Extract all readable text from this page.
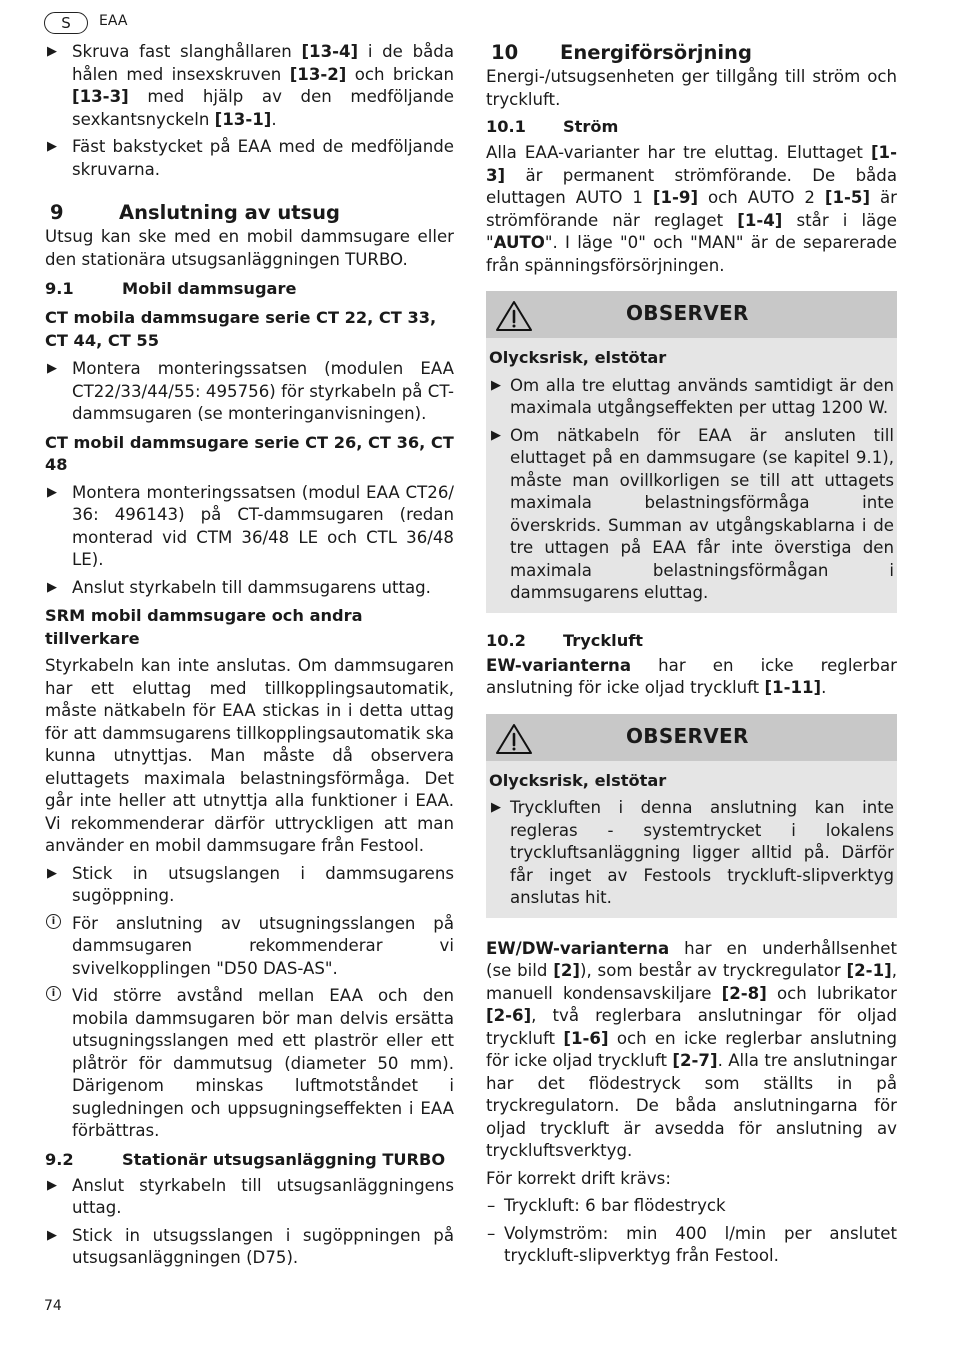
S	EAA
▶ Skruva fast slanghållaren [13-4] i de båda hålen med insexskruven [13-2] och brickan [13-3] med hjälp av den medföljande sexkantsnyckeln [13-1].
▶ Fäst bakstycket på EAA med de medföljande skruvarna.
9	Anslutning av utsug

Utsug kan ske med en mobil dammsugare eller den stationära utsugsanläggningen TURBO.

9.1	Mobil dammsugare
CT mobila dammsugare serie CT 22, CT 33, CT 44, CT 55
▶ Montera monteringssatsen (modulen EAA CT22/33/44/55: 495756) för styrkabeln på CT-dammsugaren (se monteringanvisningen).
CT mobil dammsugare serie CT 26, CT 36, CT 48
▶ Montera monteringssatsen (modul EAA CT26/ 36: 496143) på CT-dammsugaren (redan monterad vid CTM 36/48 LE och CTL 36/48 LE).
▶ Anslut styrkabeln till dammsugarens uttag.
SRM mobil dammsugare och andra tillverkare

Styrkabeln kan inte anslutas. Om dammsugaren har ett eluttag med tillkopplingsautomatik, måste nätkabeln för EAA stickas in i detta uttag för att dammsugarens tillkopplingsautomatik ska kunna utnyttjas. Man måste då observera eluttagets maximala belastningsförmåga. Det går inte heller att utnyttja alla funktioner i EAA. Vi rekommenderar därför uttryckligen att man använder en mobil dammsugare från Festool.

▶ Stick in utsugslangen i dammsugarens sugöppning.
i	För anslutning av utsugningsslangen på dammsugaren rekommenderar vi svivelkopplingen "D50 DAS-AS".
i	Vid större avstånd mellan EAA och den mobila dammsugaren bör man delvis ersätta utsugningsslangen med ett plaströr eller ett plåtrör för dammutsug (diameter 50 mm). Därigenom minskas luftmotståndet i sugledningen och uppsugningseffekten i EAA förbättras.
9.2	Stationär utsugsanläggning TURBO
▶ Anslut styrkabeln till utsugsanläggningens uttag.
▶ Stick in utsugsslangen i sugöppningen på utsugsanläggningen (D75).
10 Energiförsörjning

Energi-/utsugsenheten ger tillgång till ström och tryckluft.

10.1 Ström

Alla EAA-varianter har tre eluttag. Eluttaget [1-3] är permanent strömförande. De båda eluttagen AUTO 1 [1-9] och AUTO 2 [1-5] är strömförande när reglaget [1-4] står i läge "AUTO". I läge "0" och "MAN" är de separerade från spänningsförsörjningen.

OBSERVER
Olycksrisk, elstötar
▶ Om alla tre eluttag används samtidigt är den maximala utgångseffekten per uttag 1200 W.
▶ Om nätkabeln för EAA är ansluten till eluttaget på en dammsugare (se kapitel 9.1), måste man ovillkorligen se till att uttagets maximala belastningsförmåga inte överskrids. Summan av utgångskablarna i de tre uttagen på EAA får inte överstiga den maximala belastningsförmågan i dammsugarens eluttag.
10.2 Tryckluft

EW-varianterna har en icke reglerbar anslutning för icke oljad tryckluft [1-11].

OBSERVER
Olycksrisk, elstötar
▶ Tryckluften i denna anslutning kan inte regleras - systemtrycket i lokalens tryckluftsanläggning ligger alltid på. Därför får inget av Festools tryckluft-slipverktyg anslutas hit.

EW/DW-varianterna har en underhållsenhet (se bild [2]), som består av tryckregulator [2-1], manuell kondensavskiljare [2-8] och lubrikator [2-6], två reglerbara anslutningar för oljad tryckluft [1-6] och en icke reglerbar anslutning för icke oljad tryckluft [2-7]. Alla tre anslutningar har det flödestryck som ställts in på tryckregulatorn. De båda anslutningarna för oljad tryckluft är avsedda för anslutning av tryckluftsverktyg.

För korrekt drift krävs:

– Tryckluft: 6 bar flödestryck
– Volymström: min 400 l/min per anslutet tryckluft-slipverktyg från Festool.
74
